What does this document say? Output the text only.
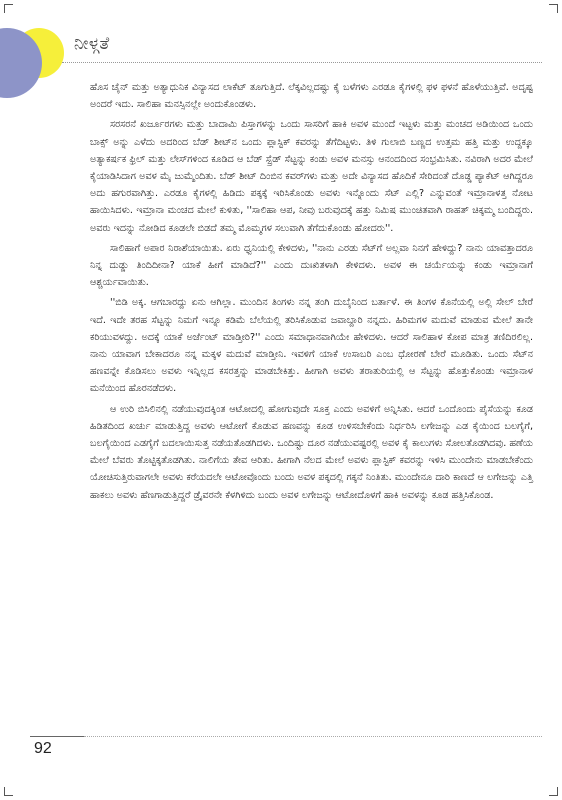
ನೀಳ್ಗತೆ

ಹೊಸ ಚೈನ್ ಮತ್ತು ಅತ್ಯಾಧುನಿಕ ವಿನ್ಯಾಸದ ಲಾಕೆಟ್ ತೂಗುತ್ತಿದೆ. ಲೆಕ್ಕವಿಲ್ಲದಷ್ಟು ಕೈ ಬಳೆಗಳು ಎರಡೂ ಕೈಗಳಲ್ಲಿ ಫಳ ಫಳನೆ ಹೊಳೆಯುತ್ತಿವೆ. ಅದೃಷ್ಟ ಅಂದರೆ ಇದು. ಸಾಲಿಹಾ ಮನಸ್ಸಿನಲ್ಲೇ ಅಂದುಕೊಂಡಳು.

ಸರಸರನೆ ಖರ್ಜೂರಗಳು ಮತ್ತು ಬಾದಾಮಿ ಪಿಸ್ತಾಗಳನ್ನು ಒಂದು ಸಾಸರಿಗೆ ಹಾಕಿ ಅವಳ ಮುಂದೆ ಇಟ್ಟಳು ಮತ್ತು ಮಂಚದ ಅಡಿಯಿಂದ ಒಂದು ಬಾಕ್ಸ್ ಅನ್ನು ಎಳೆದು ಅದರಿಂದ ಬೆಡ್ ಶೀಟ್‌ನ ಒಂದು ಪ್ಲಾಸ್ಟಿಕ್ ಕವರನ್ನು ತೆಗೆದಿಟ್ಟಳು. ತಿಳಿ ಗುಲಾಬಿ ಬಣ್ಣದ ಉತ್ತಮ ಹತ್ತಿ ಮತ್ತು ಉದ್ದಕ್ಕೂ ಅತ್ಯಾಕರ್ಷಕ ಫ್ರಿಲ್ ಮತ್ತು ಲೇಸ್‌ಗಳಿಂದ ಕೂಡಿದ ಆ ಬೆಡ್ ಸ್ಪ್ರೆಡ್ ಸೆಟ್ಟನ್ನು ಕಂಡು ಅವಳ ಮನಸ್ಸು ಆನಂದದಿಂದ ಸಂಭ್ರಮಿಸಿತು. ನವಿರಾಗಿ ಅದರ ಮೇಲೆ ಕೈಯಾಡಿಸಿದಾಗ ಅವಳ ಮೈ ಜುಮ್ಮೆಂದಿತು. ಬೆಡ್ ಶೀಟ್ ದಿಂಬಿನ ಕವರ್‌ಗಳು ಮತ್ತು ಅದೇ ವಿನ್ಯಾಸದ ಹೊದಿಕೆ ಸೇರಿದಂತೆ ದೊಡ್ಡ ಪ್ಯಾಕೆಟ್ ಆಗಿದ್ದರೂ ಅದು ಹಗುರವಾಗಿತ್ತು. ಎರಡೂ ಕೈಗಳಲ್ಲಿ ಹಿಡಿದು ಪಕ್ಕಕ್ಕೆ ಇರಿಸಿಕೊಂಡು ಅವಳು ಇನ್ನೊಂದು ಸೆಟ್ ಎಲ್ಲಿ? ಎನ್ನುವಂತೆ ಇಮ್ರಾನಾಳತ್ತ ನೋಟ ಹಾಯಿಸಿದಳು. ಇಮ್ರಾನಾ ಮಂಚದ ಮೇಲೆ ಕುಳಿತು, ''ಸಾಲಿಹಾ ಆಪ, ನೀವು ಬರುವುದಕ್ಕೆ ಹತ್ತು ನಿಮಿಷ ಮುಂಚಿತವಾಗಿ ರಾಹತ್ ಚಿಕ್ಕಮ್ಮ ಬಂದಿದ್ದರು. ಅವರು ಇದನ್ನು ನೋಡಿದ ಕೂಡಲೇ ಬಿಡದೆ ತಮ್ಮ ಮೊಮ್ಮಗಳ ಸಲುವಾಗಿ ತೆಗೆದುಕೊಂಡು ಹೋದರು''.

ಸಾಲಿಹಾಗೆ ಅಪಾರ ನಿರಾಶೆಯಾಯಿತು. ಏರು ಧ್ವನಿಯಲ್ಲಿ ಕೇಳಿದಳು, ''ನಾನು ಎರಡು ಸೆಟ್‌ಗೆ ಅಲ್ಲವಾ ನಿನಗೆ ಹೇಳಿದ್ದು? ನಾನು ಯಾವತ್ತಾದರೂ ನಿನ್ನ ದುಡ್ಡು ತಿಂದಿದೀನಾ? ಯಾಕೆ ಹೀಗೆ ಮಾಡಿದೆ?'' ಎಂದು ದುಃಖಿತಳಾಗಿ ಕೇಳಿದಳು. ಅವಳ ಈ ಚರ್ಯೆಯನ್ನು ಕಂಡು ಇಮ್ರಾನಾಗೆ ಆಶ್ಚರ್ಯವಾಯಿತು.

''ಬಿಡಿ ಅಕ್ಕ. ಆಗಬಾರದ್ದು ಏನು ಆಗಿಲ್ಲಾ. ಮುಂದಿನ ತಿಂಗಳು ನನ್ನ ತಂಗಿ ದುಬೈನಿಂದ ಬರ್ತಾಳೆ. ಈ ತಿಂಗಳ ಕೊನೆಯಲ್ಲಿ ಅಲ್ಲಿ ಸೇಲ್ ಬೇರೆ ಇದೆ. ಇದೇ ತರಹ ಸೆಟ್ಟನ್ನು ನಿಮಗೆ ಇನ್ನೂ ಕಡಿಮೆ ಬೆಲೆಯಲ್ಲಿ ತರಿಸಿಕೊಡುವ ಜವಾಬ್ದಾರಿ ನನ್ನದು. ಹಿರಿಮಗಳ ಮದುವೆ ಮಾಡುವ ಮೇಲೆ ತಾನೇ ಕರಿಯುವಳದ್ದು. ಅದಕ್ಕೆ ಯಾಕೆ ಅರ್ಜೆಂಟ್ ಮಾಡ್ತೀರಿ?'' ಎಂದು ಸಮಾಧಾನವಾಗಿಯೇ ಹೇಳಿದಳು. ಆದರೆ ಸಾಲಿಹಾಳ ಕೋಪ ಮಾತ್ರ ತಣಿದಿರಲಿಲ್ಲ. ನಾನು ಯಾವಾಗ ಬೇಕಾದರೂ ನನ್ನ ಮಕ್ಕಳ ಮದುವೆ ಮಾಡ್ತೀನಿ. ಇವಳಿಗೆ ಯಾಕೆ ಉಸಾಬರಿ ಎಂಬ ಧೋರಣೆ ಬೇರೆ ಮೂಡಿತು. ಒಂದು ಸೆಟ್‌ನ ಹಣವನ್ನೇ ಕೊಡಿಸಲು ಅವಳು ಇನ್ನಿಲ್ಲದ ಕಸರತ್ತನ್ನು ಮಾಡಬೇಕಿತ್ತು. ಹೀಗಾಗಿ ಅವಳು ತರಾತುರಿಯಲ್ಲಿ ಆ ಸೆಟ್ಟನ್ನು ಹೊತ್ತುಕೊಂಡು ಇಮ್ರಾನಾಳ ಮನೆಯಿಂದ ಹೊರನಡೆದಳು.

ಆ ಉರಿ ಬಿಸಿಲಿನಲ್ಲಿ ನಡೆಯುವುದಕ್ಕಿಂತ ಆಟೋದಲ್ಲಿ ಹೋಗುವುದೇ ಸೂಕ್ತ ಎಂದು ಅವಳಿಗೆ ಅನ್ನಿಸಿತು. ಆದರೆ ಒಂದೊಂದು ಪೈಸೆಯನ್ನು ಕೂಡ ಹಿಡಿತದಿಂದ ಖರ್ಚು ಮಾಡುತ್ತಿದ್ದ ಅವಳು ಆಟೋಗೆ ಕೊಡುವ ಹಣವನ್ನು ಕೂಡ ಉಳಿಸಬೇಕೆಂದು ನಿರ್ಧರಿಸಿ ಲಗೇಜನ್ನು ಎಡ ಕೈಯಿಂದ ಬಲಗೈಗೆ, ಬಲಗೈಯಿಂದ ಎಡಗೈಗೆ ಬದಲಾಯಿಸುತ್ತ ನಡೆಯತೊಡಗಿದಳು. ಒಂದಿಷ್ಟು ದೂರ ನಡೆಯುವಷ್ಟರಲ್ಲಿ ಅವಳ ಕೈ ಕಾಲುಗಳು ಸೋಲತೊಡಗಿದವು. ಹಣೆಯ ಮೇಲೆ ಬೆವರು ತೊಟ್ಟಿಕ್ಕತೊಡಗಿತು. ನಾಲಿಗೆಯ ತೇವ ಆರಿತು. ಹೀಗಾಗಿ ನೆಲದ ಮೇಲೆ ಅವಳು ಪ್ಲಾಸ್ಟಿಕ್ ಕವರನ್ನು ಇಳಿಸಿ ಮುಂದೇನು ಮಾಡಬೇಕೆಂದು ಯೋಚಿಸುತ್ತಿರುವಾಗಲೇ ಅವಳು ಕರೆಯದಲೇ ಆಟೋವೊಂದು ಬಂದು ಅವಳ ಪಕ್ಕದಲ್ಲಿ ಗಕ್ಕನೆ ನಿಂತಿತು. ಮುಂದೇನೂ ದಾರಿ ಕಾಣದೆ ಆ ಲಗೇಜನ್ನು ಎತ್ತಿ ಹಾಕಲು ಅವಳು ಹೆಣಗಾಡುತ್ತಿದ್ದರೆ ಡ್ರೈವರನೇ ಕೆಳಗಿಳಿದು ಬಂದು ಅವಳ ಲಗೇಜನ್ನು ಆಟೋದೊಳಗೆ ಹಾಕಿ ಅವಳನ್ನು ಕೂಡ ಹತ್ತಿಸಿಕೊಂಡ.

92
